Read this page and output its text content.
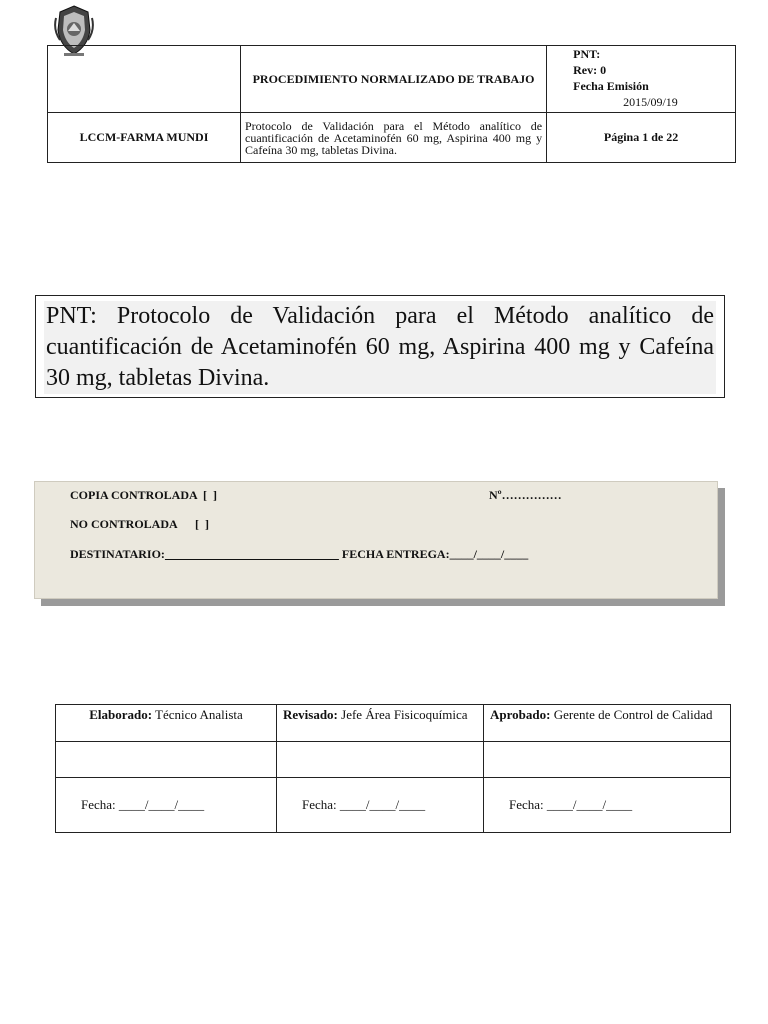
	PROCEDIMIENTO NORMALIZADO DE TRABAJO	PNT:
Rev: 0
Fecha Emisión
2015/09/19

LCCM-FARMA MUNDI	Protocolo de Validación para el Método analítico de cuantificación de Acetaminofén 60 mg, Aspirina 400 mg y Cafeína 30 mg, tabletas Divina.	Página 1 de 22
PNT: Protocolo de Validación para el Método analítico de cuantificación de Acetaminofén 60 mg, Aspirina 400 mg y Cafeína 30 mg, tabletas Divina.
COPIA CONTROLADA  [  ]	Nº……………
NO CONTROLADA      [  ]
DESTINATARIO:	FECHA ENTREGA:____/____/____
Elaborado: Técnico Analista	Revisado: Jefe Área Fisicoquímica	Aprobado: Gerente de Control de Calidad

Fecha: ____/____/____	Fecha: ____/____/____	Fecha: ____/____/____
